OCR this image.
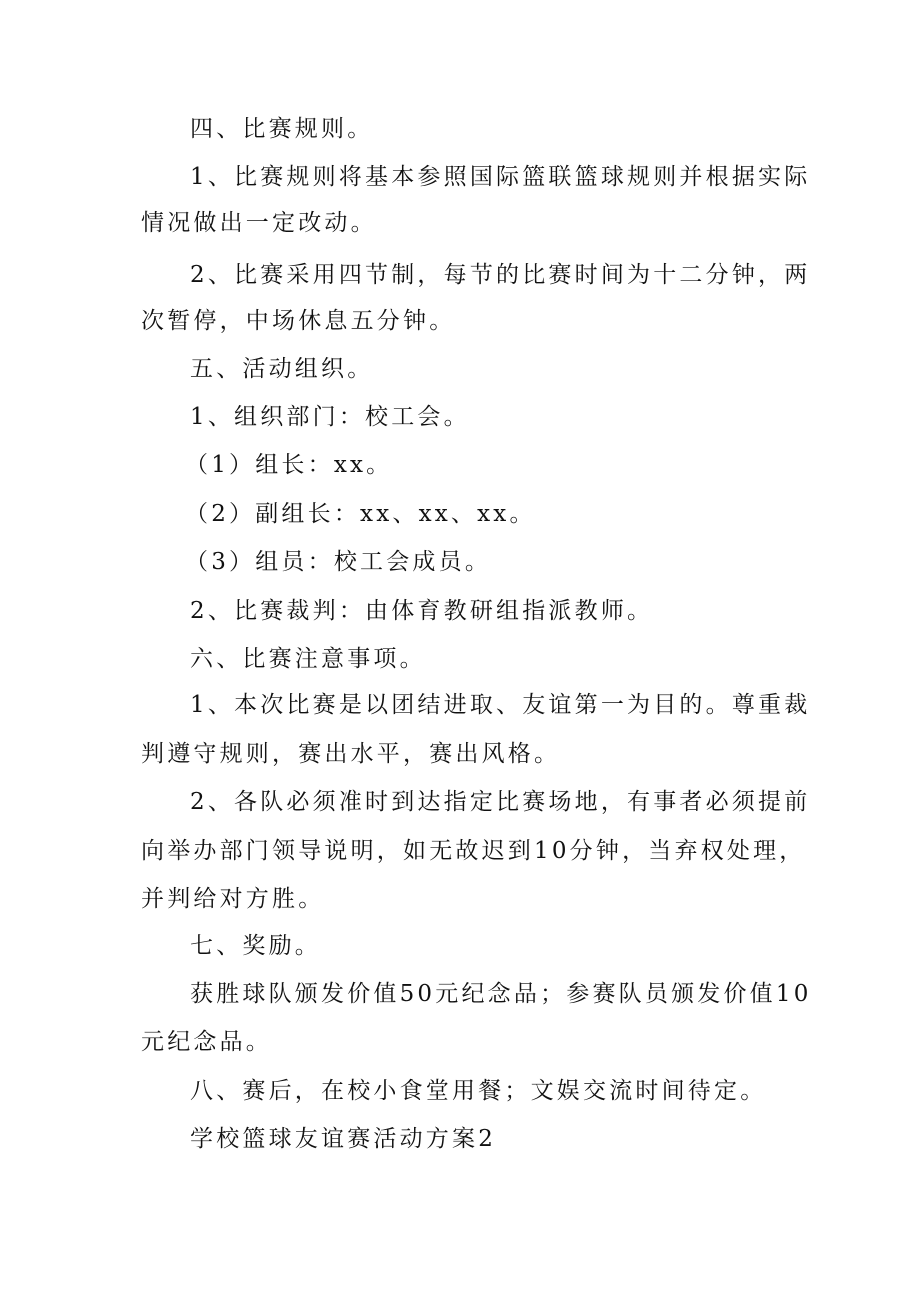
四、比赛规则。
1、比赛规则将基本参照国际篮联篮球规则并根据实际
情况做出一定改动。
2、比赛采用四节制，每节的比赛时间为十二分钟，两
次暂停，中场休息五分钟。
五、活动组织。
1、组织部门：校工会。
（1）组长：xx。
（2）副组长：xx、xx、xx。
（3）组员：校工会成员。
2、比赛裁判：由体育教研组指派教师。
六、比赛注意事项。
1、本次比赛是以团结进取、友谊第一为目的。尊重裁
判遵守规则，赛出水平，赛出风格。
2、各队必须准时到达指定比赛场地，有事者必须提前
向举办部门领导说明，如无故迟到10分钟，当弃权处理，
并判给对方胜。
七、奖励。
获胜球队颁发价值50元纪念品；参赛队员颁发价值10
元纪念品。
八、赛后，在校小食堂用餐；文娱交流时间待定。
学校篮球友谊赛活动方案2
